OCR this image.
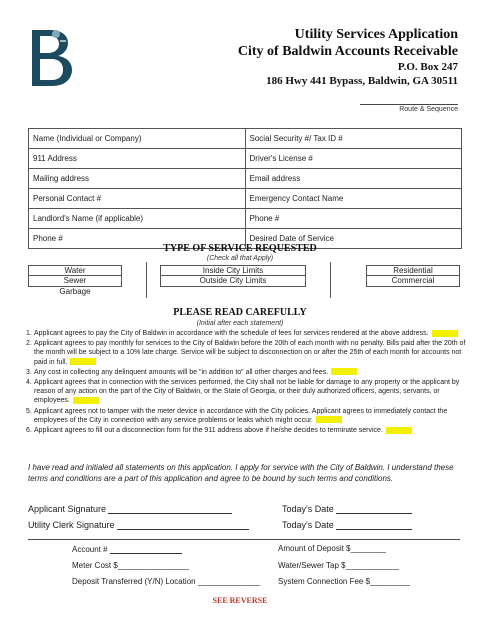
Utility Services Application
City of Baldwin Accounts Receivable
P.O. Box 247
186 Hwy 441 Bypass, Baldwin, GA 30511
Route & Sequence
Name (Individual or Company)	Social Security #/ Tax ID #
911 Address	Driver's License #
Mailing address	Email address
Personal Contact #	Emergency Contact Name
Landlord's Name (if applicable)	Phone #
Phone #	Desired Date of Service
TYPE OF SERVICE REQUESTED
(Check all that Apply)
Water
Sewer
Garbage
Inside City Limits
Outside City Limits
Residential
Commercial
PLEASE READ CAREFULLY
(Initial after each statement)
1. Applicant agrees to pay the City of Baldwin in accordance with the schedule of fees for services rendered at the above address.
2. Applicant agrees to pay monthly for services to the City of Baldwin before the 20th of each month with no penalty. Bills paid after the 20th of the month will be subject to a 10% late charge. Service will be subject to disconnection on or after the 25th of each month for accounts not paid in full.
3. Any cost in collecting any delinquent amounts will be "in addition to" all other charges and fees.
4. Applicant agrees that in connection with the services performed, the City shall not be liable for damage to any property or the applicant by reason of any action on the part of the City of Baldwin, or the State of Georgia, or their duly authorized officers, agents, servants, or employees.
5. Applicant agrees not to tamper with the meter device in accordance with the City policies. Applicant agrees to immediately contact the employees of the City in connection with any service problems or leaks which might occur.
6. Applicant agrees to fill out a disconnection form for the 911 address above if he/she decides to terminate service.
I have read and initialed all statements on this application. I apply for service with the City of Baldwin. I understand these terms and conditions are a part of this application and agree to be bound by such terms and conditions.
Applicant Signature	Today's Date
Utility Clerk Signature	Today's Date
Account #	Amount of Deposit $________
Meter Cost $________________	Water/Sewer Tap $____________
Deposit Transferred (Y/N) Location ______________ System Connection Fee $_________
SEE REVERSE
